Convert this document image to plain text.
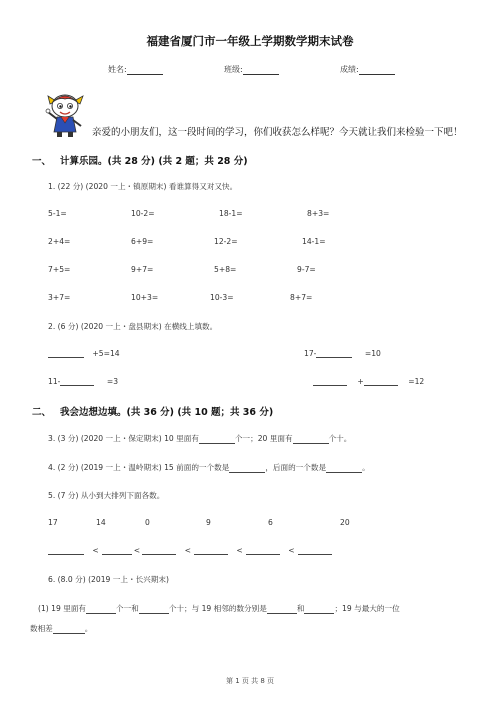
福建省厦门市一年级上学期数学期末试卷
姓名:	班级:	成绩:
亲爱的小朋友们，这一段时间的学习，你们收获怎么样呢？今天就让我们来检验一下吧！
一、 计算乐园。(共 28 分) (共 2 题；共 28 分)
1. (22 分) (2020 一上・镇原期末) 看谁算得又对又快。
5-1=	10-2=	18-1=	8+3=
2+4=	6+9=	12-2=	14-1=
7+5=	9+7=	5+8=	9-7=
3+7=	10+3=	10-3=	8+7=
2. (6 分) (2020 一上・盘县期末) 在横线上填数。
+5=14	17-	=10
11-	=3	+	=12
二、 我会边想边填。(共 36 分) (共 10 题；共 36 分)
3. (3 分) (2020 一上・保定期末) 10 里面有	个一；20 里面有	个十。
4. (2 分) (2019 一上・温岭期末) 15 前面的一个数是	，后面的一个数是	。
5. (7 分) 从小到大排列下面各数。
17	14	0	9	6	20
<	<	<	<	<
6. (8.0 分) (2019 一上・长兴期末)
(1) 19 里面有	个一和	个十；与 19 相邻的数分别是	和	；19 与最大的一位
数相差	。
第 1 页 共 8 页
